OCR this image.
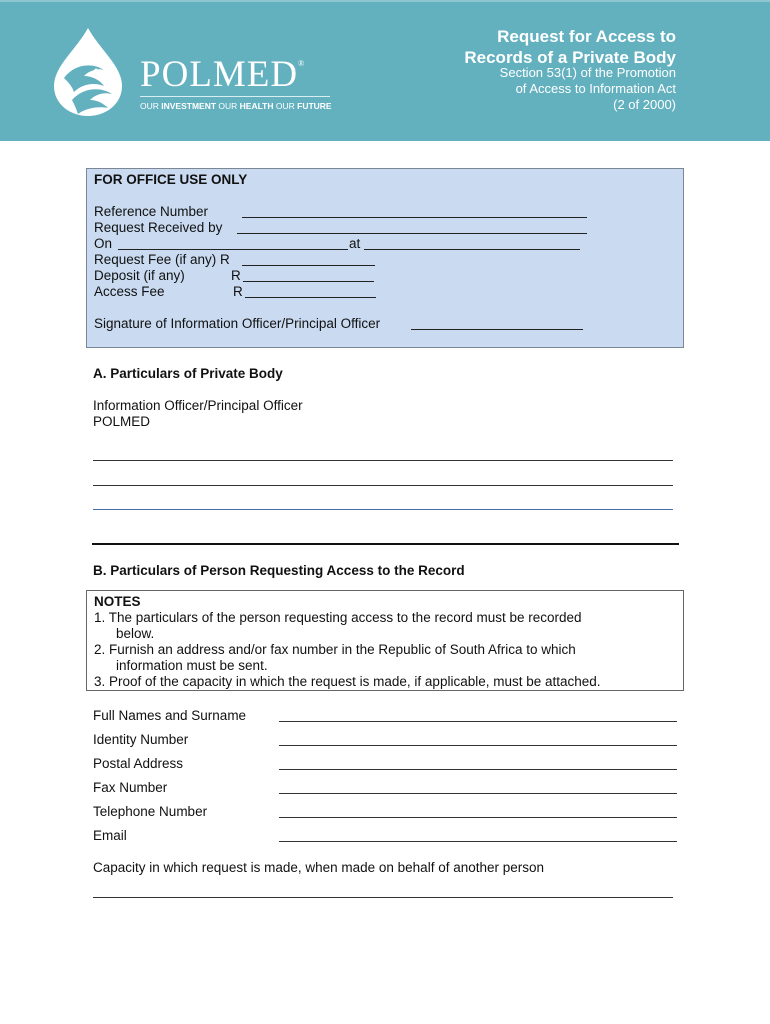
POLMED®
OUR INVESTMENT OUR HEALTH OUR FUTURE
Request for Access to
Records of a Private Body
Section 53(1) of the Promotion
of Access to Information Act
(2 of 2000)
FOR OFFICE USE ONLY
Reference Number
Request Received by
On	at
Request Fee (if any) R
Deposit (if any)	R
Access Fee	R
Signature of Information Officer/Principal Officer
A. Particulars of Private Body
Information Officer/Principal Officer
POLMED
B. Particulars of Person Requesting Access to the Record
NOTES
1. The particulars of the person requesting access to the record must be recorded
below.
2. Furnish an address and/or fax number in the Republic of South Africa to which
information must be sent.
3. Proof of the capacity in which the request is made, if applicable, must be attached.
Full Names and Surname
Identity Number
Postal Address
Fax Number
Telephone Number
Email
Capacity in which request is made, when made on behalf of another person
